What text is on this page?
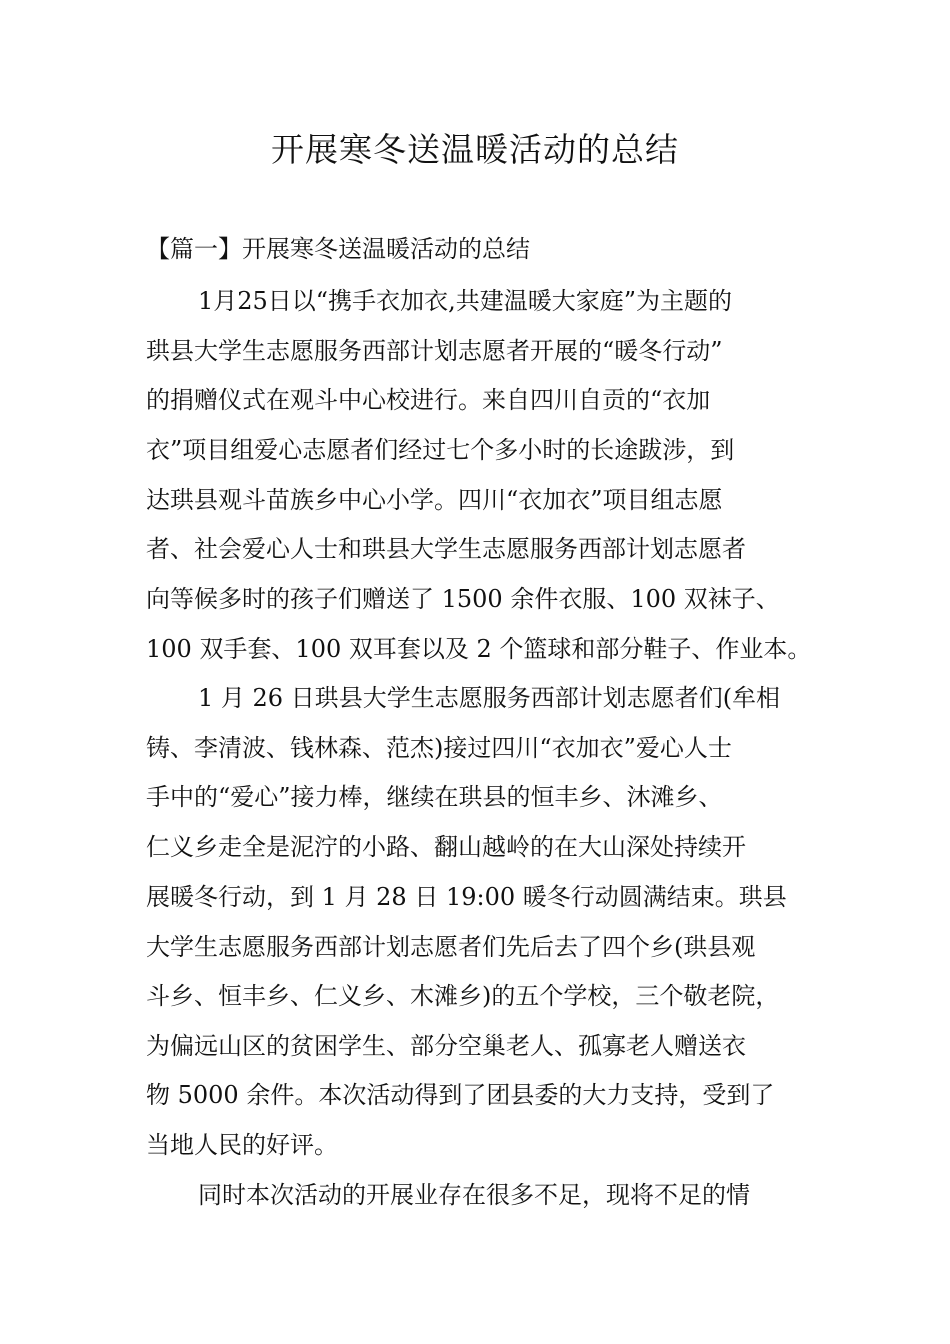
开展寒冬送温暖活动的总结

【篇一】开展寒冬送温暖活动的总结

1月25日以“携手衣加衣,共建温暖大家庭”为主题的

珙县大学生志愿服务西部计划志愿者开展的“暖冬行动”

的捐赠仪式在观斗中心校进行。来自四川自贡的“衣加

衣”项目组爱心志愿者们经过七个多小时的长途跋涉，到

达珙县观斗苗族乡中心小学。四川“衣加衣”项目组志愿

者、社会爱心人士和珙县大学生志愿服务西部计划志愿者

向等候多时的孩子们赠送了 1500 余件衣服、100 双袜子、

100 双手套、100 双耳套以及 2 个篮球和部分鞋子、作业本。

1 月 26 日珙县大学生志愿服务西部计划志愿者们(牟相

铸、李清波、钱林森、范杰)接过四川“衣加衣”爱心人士

手中的“爱心”接力棒，继续在珙县的恒丰乡、沐滩乡、

仁义乡走全是泥泞的小路、翻山越岭的在大山深处持续开

展暖冬行动，到 1 月 28 日 19:00 暖冬行动圆满结束。珙县

大学生志愿服务西部计划志愿者们先后去了四个乡(珙县观

斗乡、恒丰乡、仁义乡、木滩乡)的五个学校，三个敬老院，

为偏远山区的贫困学生、部分空巢老人、孤寡老人赠送衣

物 5000 余件。本次活动得到了团县委的大力支持，受到了

当地人民的好评。

同时本次活动的开展业存在很多不足，现将不足的情
